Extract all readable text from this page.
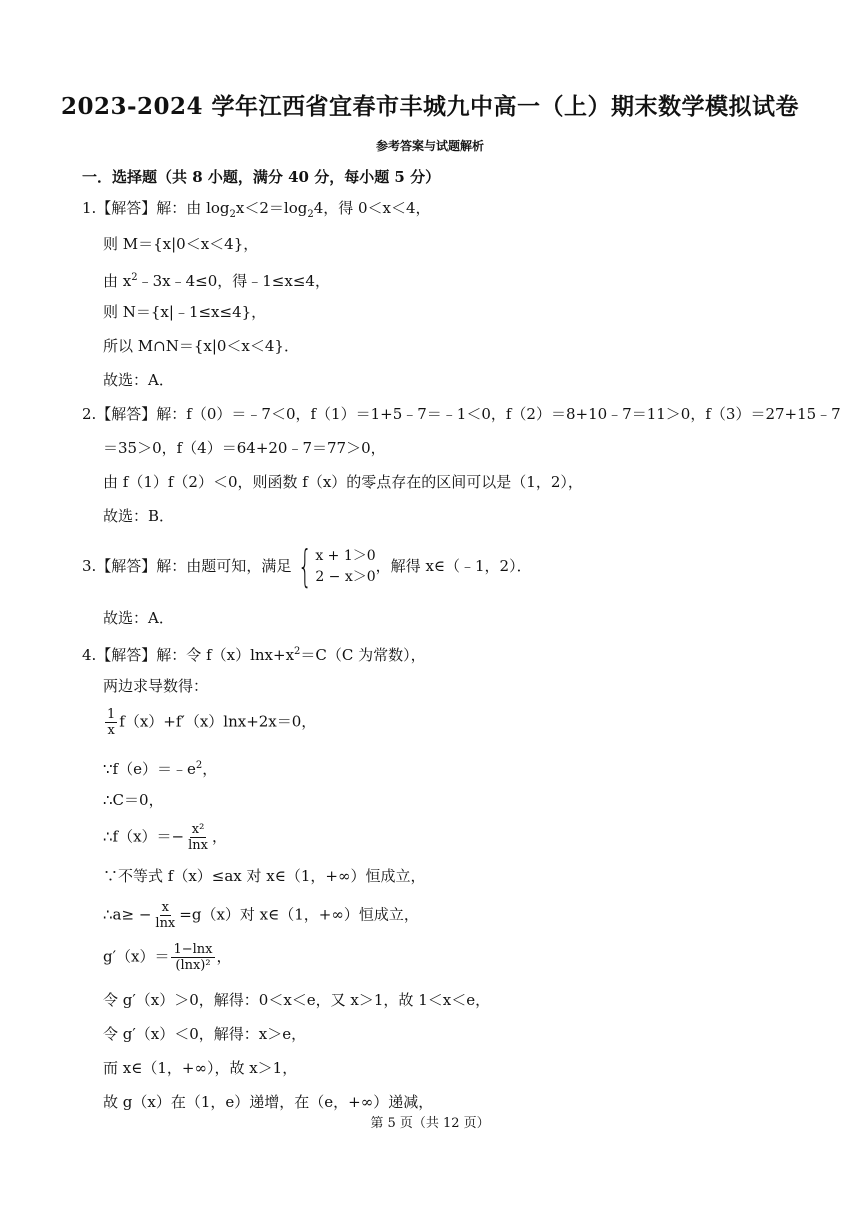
2023-2024 学年江西省宜春市丰城九中高一（上）期末数学模拟试卷
参考答案与试题解析
一．选择题（共 8 小题，满分 40 分，每小题 5 分）
1.【解答】解：由 $\log_2x<2=\log_24$，得 0＜x＜4，
则 M＝{x|0＜x＜4}，
由 $x^2﹣3x﹣4\le 0$，得﹣1≤x≤4，
则 N＝{x|﹣1≤x≤4}，
所以 M∩N＝{x|0＜x＜4}．
故选：A．
2.【解答】解：f（0）＝﹣7＜0，f（1）＝1+5﹣7＝﹣1＜0，f（2）＝8+10﹣7＝11＞0，f（3）＝27+15﹣7
＝35＞0，f（4）＝64+20﹣7＝77＞0，
由 f（1）f（2）＜0，则函数 f（x）的零点存在的区间可以是（1，2），
故选：B．
3.【解答】解：由题可知，满足 { x + 1＞0
2 − x＞0
，解得 x∈（﹣1，2）．
故选：A．
4.【解答】解：令 $f(x)\ln x+x^2=C(C$ 为常数），
两边求导数得：
$\frac{1}{x} f(x)+f'(x)\ln x+2x=0$，
$\because f(e)=﹣e^2$，
∴C＝0，
∴f（x）＝− $\frac{\text{x²}}{\ln x}$ ，
∵不等式 f（x）≤ax 对 x∈（1，+∞）恒成立，
∴a≥ − $\frac{x}{\ln x} =g(x)$对 x∈（1，+∞）恒成立，
$g'(x)= \frac{1-\ln x}{\text{(lnx)²}}$ ，
令 g′（x）＞0，解得：0＜x＜e，又 x＞1，故 1＜x＜e，
令 g′（x）＜0，解得：x＞e，
而 x∈（1，+∞），故 x＞1，
故 g（x）在（1，e）递增，在（e，+∞）递减，
第 5 页（共 12 页）
